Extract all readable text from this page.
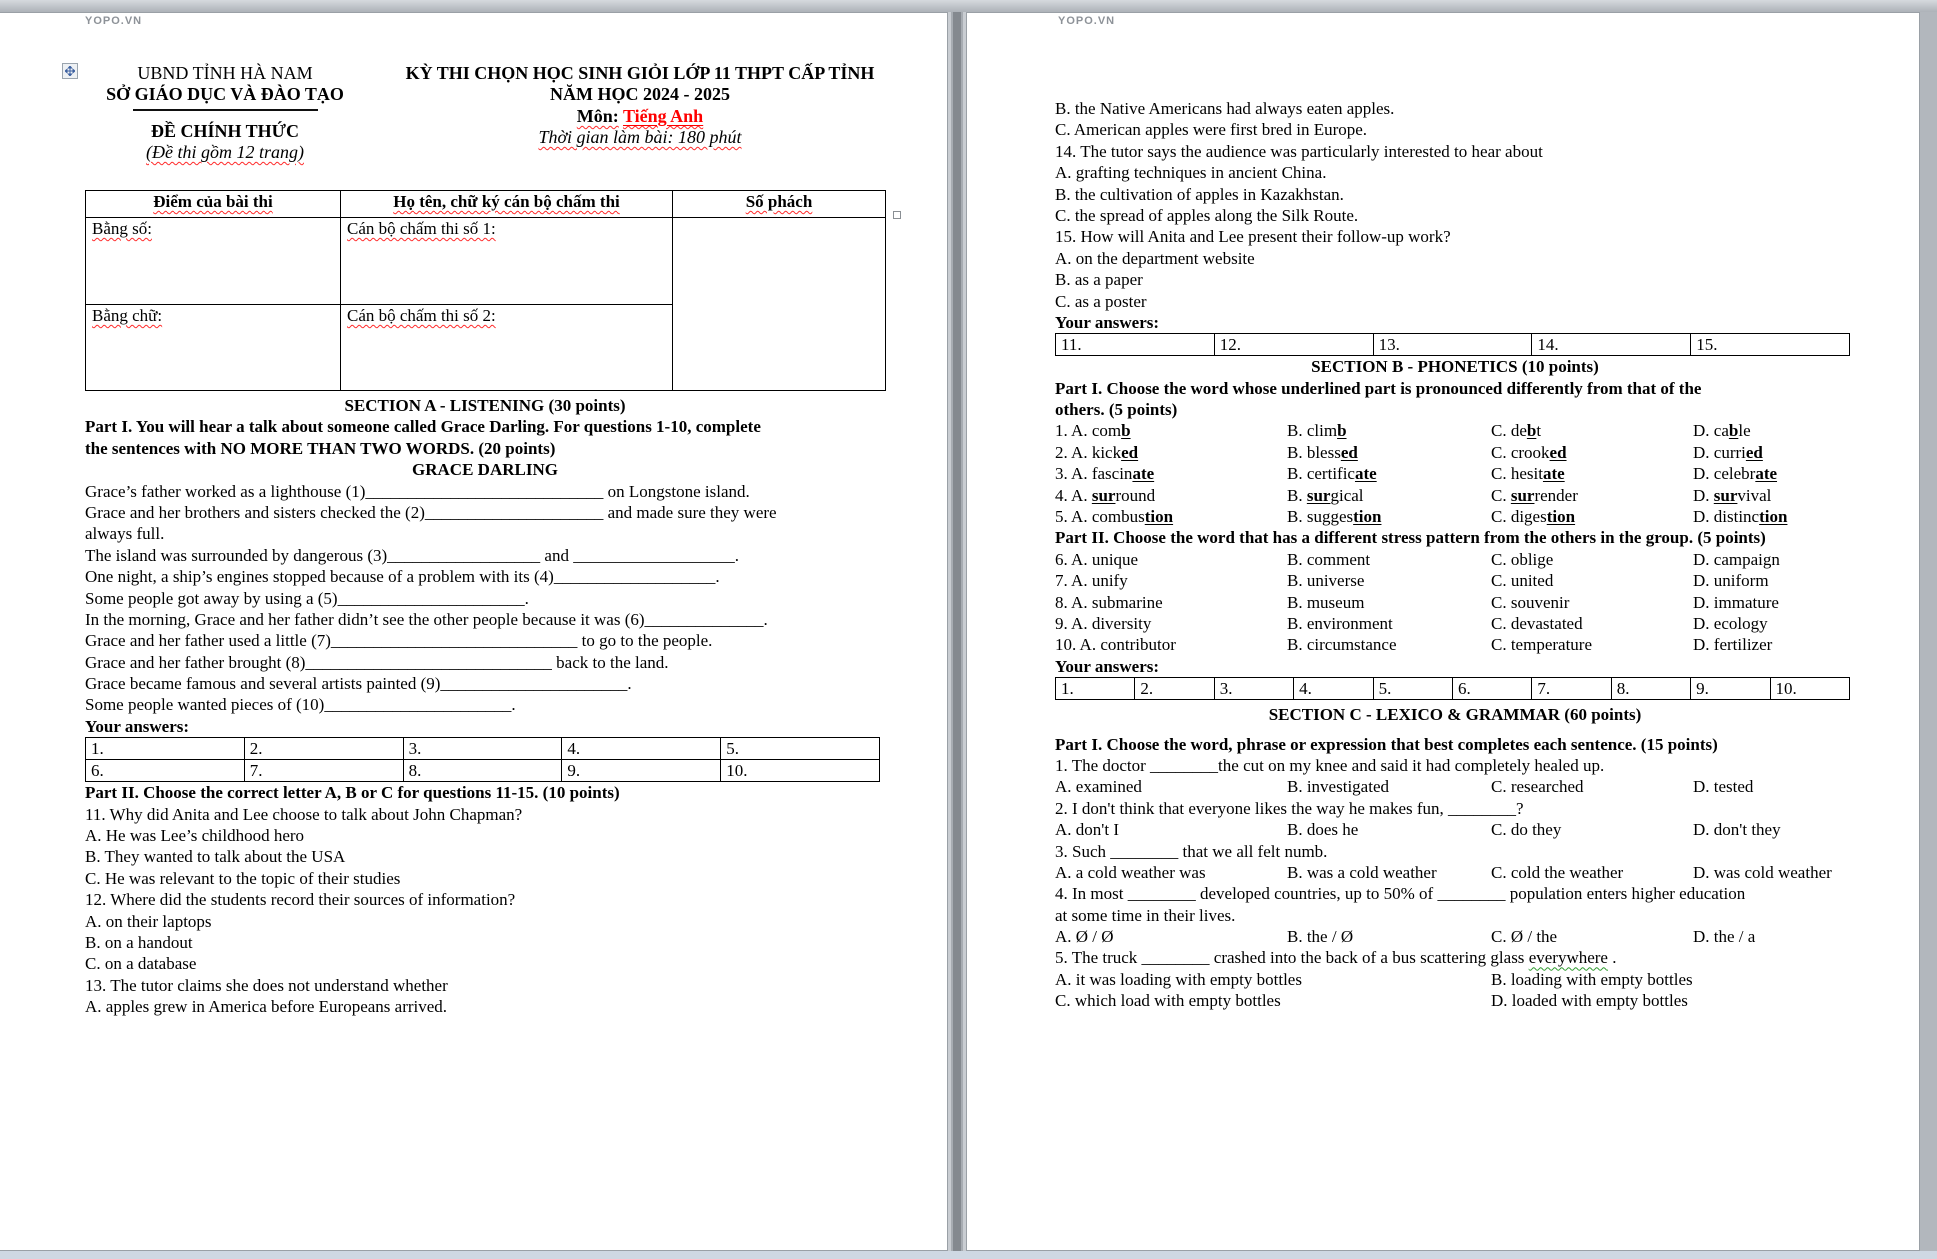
YOPO.VN
UBND TỈNH HÀ NAM
SỞ GIÁO DỤC VÀ ĐÀO TẠO
ĐỀ CHÍNH THỨC
(Đề thi gồm 12 trang)
KỲ THI CHỌN HỌC SINH GIỎI LỚP 11 THPT CẤP TỈNH
NĂM HỌC 2024 - 2025
Môn: Tiếng Anh
Thời gian làm bài: 180 phút
Điểm của bài thi	Họ tên, chữ ký cán bộ chấm thi	Số phách
Bằng số:	Cán bộ chấm thi số 1:	
Bằng chữ:	Cán bộ chấm thi số 2:	
SECTION A - LISTENING (30 points)
Part I. You will hear a talk about someone called Grace Darling. For questions 1-10, complete
the sentences with NO MORE THAN TWO WORDS. (20 points)
GRACE DARLING
Grace’s father worked as a lighthouse (1)____________________________ on Longstone island.
Grace and her brothers and sisters checked the (2)_____________________ and made sure they were
always full.
The island was surrounded by dangerous (3)__________________ and ___________________.
One night, a ship’s engines stopped because of a problem with its (4)___________________.
Some people got away by using a (5)______________________.
In the morning, Grace and her father didn’t see the other people because it was (6)______________.
Grace and her father used a little (7)_____________________________ to go to the people.
Grace and her father brought (8)_____________________________ back to the land.
Grace became famous and several artists painted (9)______________________.
Some people wanted pieces of (10)______________________.
Your answers:
1.	2.	3.	4.	5.
6.	7.	8.	9.	10.
Part II. Choose the correct letter A, B or C for questions 11-15. (10 points)
11. Why did Anita and Lee choose to talk about John Chapman?
A. He was Lee’s childhood hero
B. They wanted to talk about the USA
C. He was relevant to the topic of their studies
12. Where did the students record their sources of information?
A. on their laptops
B. on a handout
C. on a database
13. The tutor claims she does not understand whether
A. apples grew in America before Europeans arrived.
YOPO.VN
B. the Native Americans had always eaten apples.
C. American apples were first bred in Europe.
14. The tutor says the audience was particularly interested to hear about
A. grafting techniques in ancient China.
B. the cultivation of apples in Kazakhstan.
C. the spread of apples along the Silk Route.
15. How will Anita and Lee present their follow-up work?
A. on the department website
B. as a paper
C. as a poster
Your answers:
11.	12.	13.	14.	15.
SECTION B - PHONETICS (10 points)
Part I. Choose the word whose underlined part is pronounced differently from that of the
others. (5 points)
1. A. comb	B. climb	C. debt	D. cable
2. A. kicked	B. blessed	C. crooked	D. curried
3. A. fascinate	B. certificate	C. hesitate	D. celebrate
4. A. surround	B. surgical	C. surrender	D. survival
5. A. combustion	B. suggestion	C. digestion	D. distinction
Part II. Choose the word that has a different stress pattern from the others in the group. (5 points)
6. A. unique	B. comment	C. oblige	D. campaign
7. A. unify	B. universe	C. united	D. uniform
8. A. submarine	B. museum	C. souvenir	D. immature
9. A. diversity	B. environment	C. devastated	D. ecology
10. A. contributor	B. circumstance	C. temperature	D. fertilizer
Your answers:
1.	2.	3.	4.	5.	6.	7.	8.	9.	10.
SECTION C - LEXICO & GRAMMAR (60 points)
Part I. Choose the word, phrase or expression that best completes each sentence. (15 points)
1. The doctor ________the cut on my knee and said it had completely healed up.
A. examined	B. investigated	C. researched	D. tested
2. I don't think that everyone likes the way he makes fun, ________?
A. don't I	B. does he	C. do they	D. don't they
3. Such ________ that we all felt numb.
A. a cold weather was	B. was a cold weather	C. cold the weather	D. was cold weather
4. In most ________ developed countries, up to 50% of ________ population enters higher education
at some time in their lives.
A. Ø / Ø	B. the / Ø	C. Ø / the	D. the / a
5. The truck ________ crashed into the back of a bus scattering glass everywhere .
A. it was loading with empty bottles	B. loading with empty bottles
C. which load with empty bottles	D. loaded with empty bottles
